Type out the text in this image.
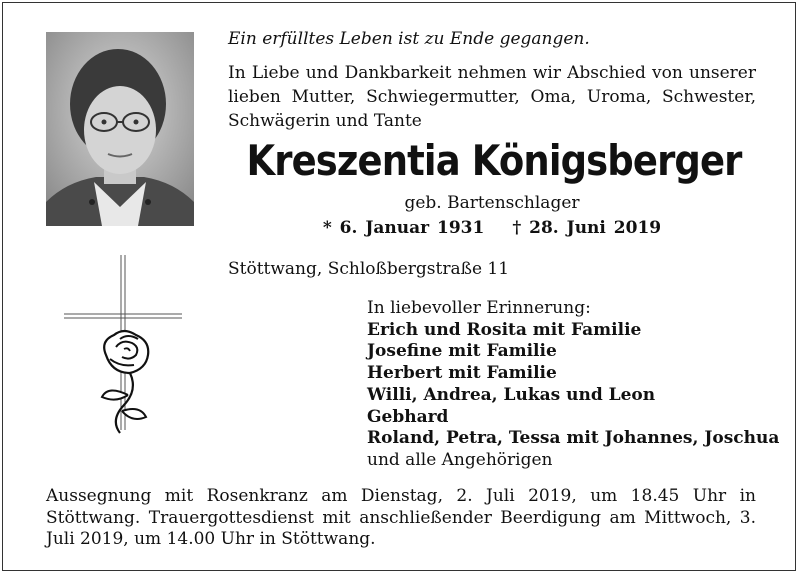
Ein erfülltes Leben ist zu Ende gegangen.
In Liebe und Dankbarkeit nehmen wir Abschied von unserer lieben Mutter, Schwiegermutter, Oma, Uroma, Schwester, Schwägerin und Tante
Kreszentia Königsberger
geb. Bartenschlager
* 6. Januar 1931 † 28. Juni 2019
Stöttwang, Schloßbergstraße 11
In liebevoller Erinnerung:
Erich und Rosita mit Familie
Josefine mit Familie
Herbert mit Familie
Willi, Andrea, Lukas und Leon
Gebhard
Roland, Petra, Tessa mit Johannes, Joschua
und alle Angehörigen
Aussegnung mit Rosenkranz am Dienstag, 2. Juli 2019, um 18.45 Uhr in Stöttwang. Trauergottesdienst mit anschließender Beerdigung am Mittwoch, 3. Juli 2019, um 14.00 Uhr in Stöttwang.
